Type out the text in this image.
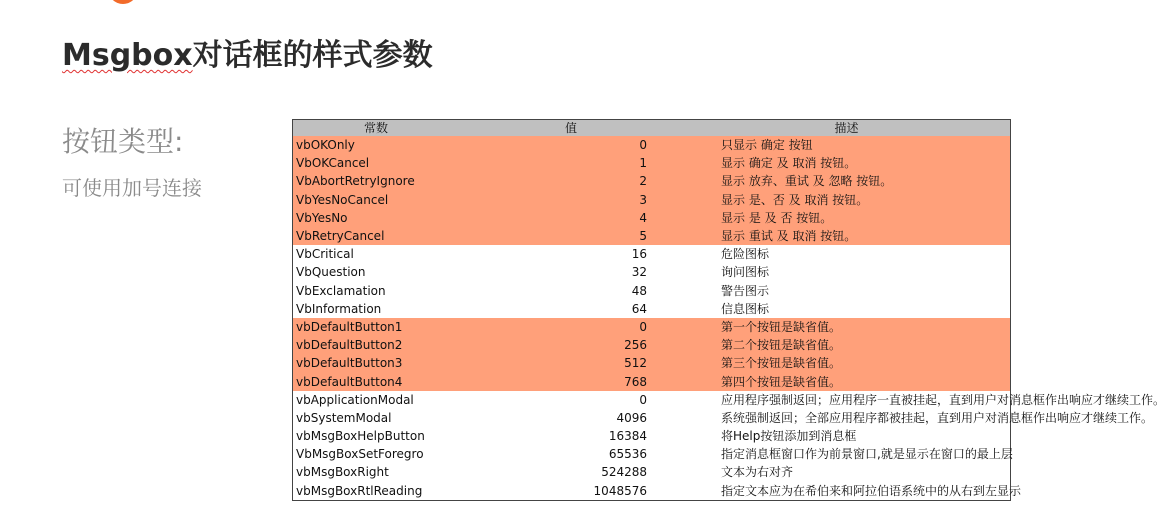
Msgbox对话框的样式参数
按钮类型:
可使用加号连接
常数	值	描述
vbOKOnly	0	只显示 确定 按钮
VbOKCancel	1	显示 确定 及 取消 按钮。
VbAbortRetryIgnore	2	显示 放弃、重试 及 忽略 按钮。
VbYesNoCancel	3	显示 是、否 及 取消 按钮。
VbYesNo	4	显示 是 及 否 按钮。
VbRetryCancel	5	显示 重试 及 取消 按钮。
VbCritical	16	危险图标
VbQuestion	32	询问图标
VbExclamation	48	警告图示
VbInformation	64	信息图标
vbDefaultButton1	0	第一个按钮是缺省值。
vbDefaultButton2	256	第二个按钮是缺省值。
vbDefaultButton3	512	第三个按钮是缺省值。
vbDefaultButton4	768	第四个按钮是缺省值。
vbApplicationModal	0	应用程序强制返回；应用程序一直被挂起，直到用户对消息框作出响应才继续工作。
vbSystemModal	4096	系统强制返回；全部应用程序都被挂起，直到用户对消息框作出响应才继续工作。
vbMsgBoxHelpButton	16384	将Help按钮添加到消息框
VbMsgBoxSetForegro	65536	指定消息框窗口作为前景窗口,就是显示在窗口的最上层
vbMsgBoxRight	524288	文本为右对齐
vbMsgBoxRtlReading	1048576	指定文本应为在希伯来和阿拉伯语系统中的从右到左显示
